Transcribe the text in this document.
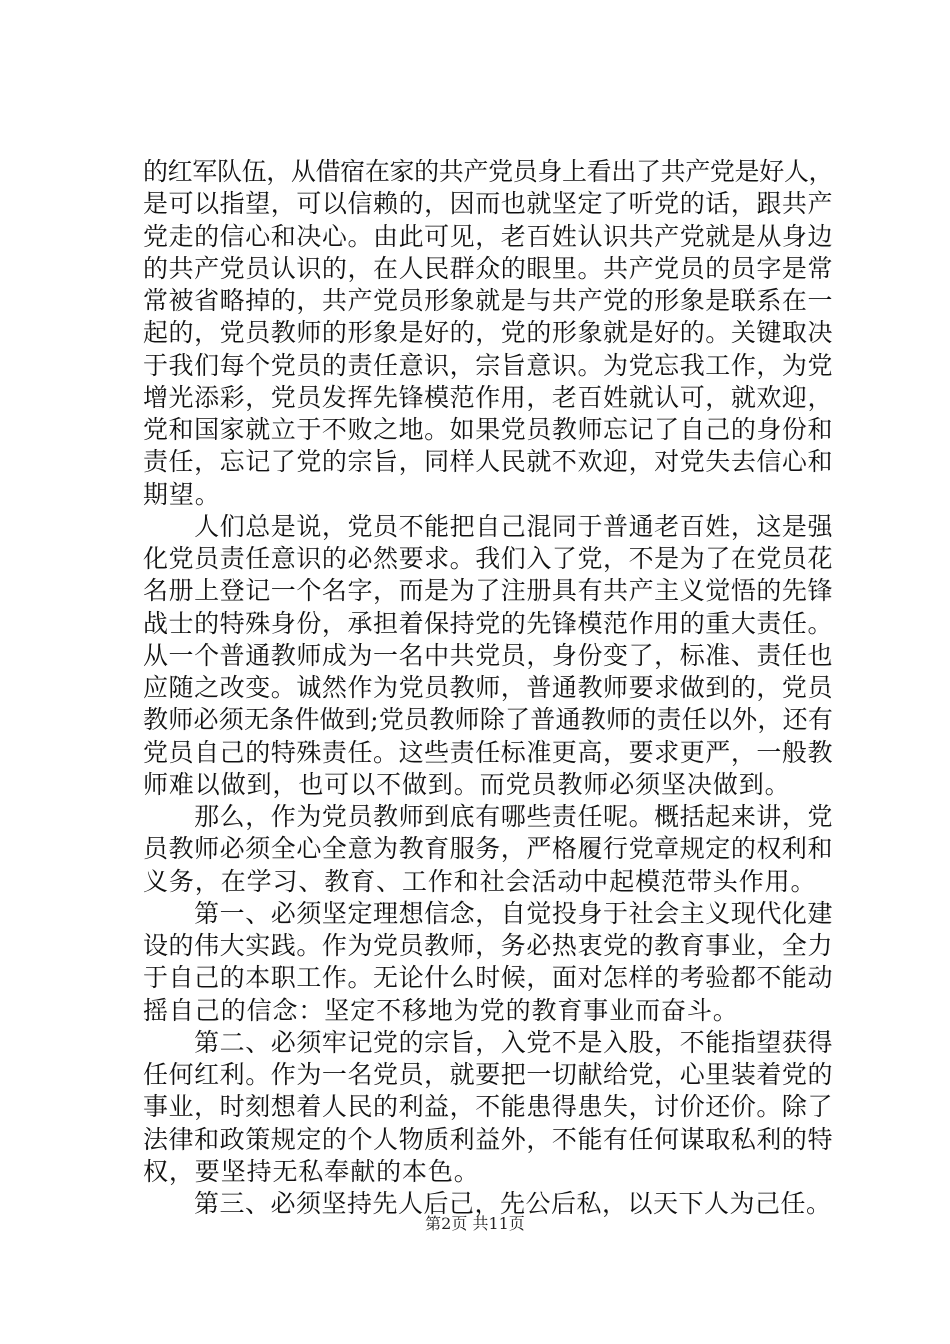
的红军队伍，从借宿在家的共产党员身上看出了共产党是好人，
是可以指望，可以信赖的，因而也就坚定了听党的话，跟共产
党走的信心和决心。由此可见，老百姓认识共产党就是从身边
的共产党员认识的，在人民群众的眼里。共产党员的员字是常
常被省略掉的，共产党员形象就是与共产党的形象是联系在一
起的，党员教师的形象是好的，党的形象就是好的。关键取决
于我们每个党员的责任意识，宗旨意识。为党忘我工作，为党
增光添彩，党员发挥先锋模范作用，老百姓就认可，就欢迎，
党和国家就立于不败之地。如果党员教师忘记了自己的身份和
责任，忘记了党的宗旨，同样人民就不欢迎，对党失去信心和
期望。
　　人们总是说，党员不能把自己混同于普通老百姓，这是强
化党员责任意识的必然要求。我们入了党，不是为了在党员花
名册上登记一个名字，而是为了注册具有共产主义觉悟的先锋
战士的特殊身份，承担着保持党的先锋模范作用的重大责任。
从一个普通教师成为一名中共党员，身份变了，标准、责任也
应随之改变。诚然作为党员教师，普通教师要求做到的，党员
教师必须无条件做到;党员教师除了普通教师的责任以外，还有
党员自己的特殊责任。这些责任标准更高，要求更严，一般教
师难以做到，也可以不做到。而党员教师必须坚决做到。
　　那么，作为党员教师到底有哪些责任呢。概括起来讲，党
员教师必须全心全意为教育服务，严格履行党章规定的权利和
义务，在学习、教育、工作和社会活动中起模范带头作用。
　　第一、必须坚定理想信念，自觉投身于社会主义现代化建
设的伟大实践。作为党员教师，务必热衷党的教育事业，全力
于自己的本职工作。无论什么时候，面对怎样的考验都不能动
摇自己的信念：坚定不移地为党的教育事业而奋斗。
　　第二、必须牢记党的宗旨，入党不是入股，不能指望获得
任何红利。作为一名党员，就要把一切献给党，心里装着党的
事业，时刻想着人民的利益，不能患得患失，讨价还价。除了
法律和政策规定的个人物质利益外，不能有任何谋取私利的特
权，要坚持无私奉献的本色。
　　第三、必须坚持先人后己，先公后私，以天下人为己任。
第2页 共11页
